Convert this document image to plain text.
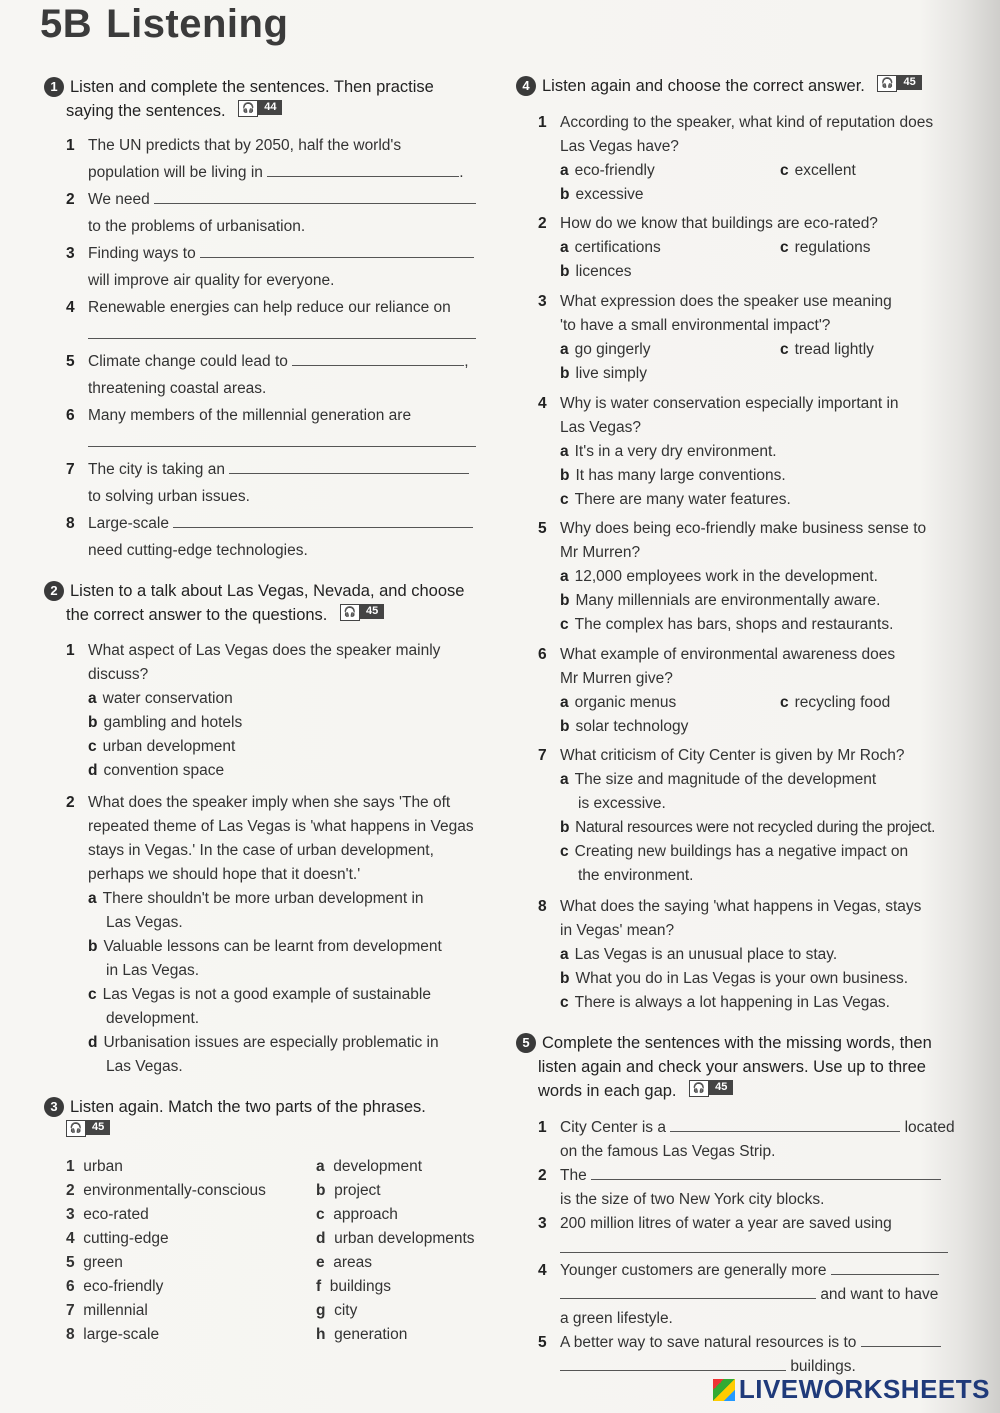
5B Listening
1 Listen and complete the sentences. Then practise
saying the sentences. 🎧 44
1 The UN predicts that by 2050, half the world's
population will be living in	.
2 We need
to the problems of urbanisation.
3 Finding ways to
will improve air quality for everyone.
4 Renewable energies can help reduce our reliance on
5 Climate change could lead to	,
threatening coastal areas.
6 Many members of the millennial generation are
7 The city is taking an
to solving urban issues.
8 Large-scale
need cutting-edge technologies.
2 Listen to a talk about Las Vegas, Nevada, and choose
the correct answer to the questions. 🎧 45
1 What aspect of Las Vegas does the speaker mainly
discuss?
a water conservation
b gambling and hotels
c urban development
d convention space
2 What does the speaker imply when she says 'The oft
repeated theme of Las Vegas is 'what happens in Vegas
stays in Vegas.' In the case of urban development,
perhaps we should hope that it doesn't.'
a There shouldn't be more urban development in
Las Vegas.
b Valuable lessons can be learnt from development
in Las Vegas.
c Las Vegas is not a good example of sustainable
development.
d Urbanisation issues are especially problematic in
Las Vegas.
3 Listen again. Match the two parts of the phrases.
🎧 45
1 urban
2 environmentally-conscious
3 eco-rated
4 cutting-edge
5 green
6 eco-friendly
7 millennial
8 large-scale
a development
b project
c approach
d urban developments
e areas
f buildings
g city
h generation
4 Listen again and choose the correct answer. 🎧 45
1 According to the speaker, what kind of reputation does
Las Vegas have?
a eco-friendly	c excellent
b excessive
2 How do we know that buildings are eco-rated?
a certifications	c regulations
b licences
3 What expression does the speaker use meaning
'to have a small environmental impact'?
a go gingerly	c tread lightly
b live simply
4 Why is water conservation especially important in
Las Vegas?
a It's in a very dry environment.
b It has many large conventions.
c There are many water features.
5 Why does being eco-friendly make business sense to
Mr Murren?
a 12,000 employees work in the development.
b Many millennials are environmentally aware.
c The complex has bars, shops and restaurants.
6 What example of environmental awareness does
Mr Murren give?
a organic menus	c recycling food
b solar technology
7 What criticism of City Center is given by Mr Roch?
a The size and magnitude of the development
is excessive.
b Natural resources were not recycled during the project.
c Creating new buildings has a negative impact on
the environment.
8 What does the saying 'what happens in Vegas, stays
in Vegas' mean?
a Las Vegas is an unusual place to stay.
b What you do in Las Vegas is your own business.
c There is always a lot happening in Las Vegas.
5 Complete the sentences with the missing words, then
listen again and check your answers. Use up to three
words in each gap. 🎧 45
1 City Center is a	located
on the famous Las Vegas Strip.
2 The
is the size of two New York city blocks.
3 200 million litres of water a year are saved using
4 Younger customers are generally more
and want to have
a green lifestyle.
5 A better way to save natural resources is to
buildings.
LIVEWORKSHEETS
